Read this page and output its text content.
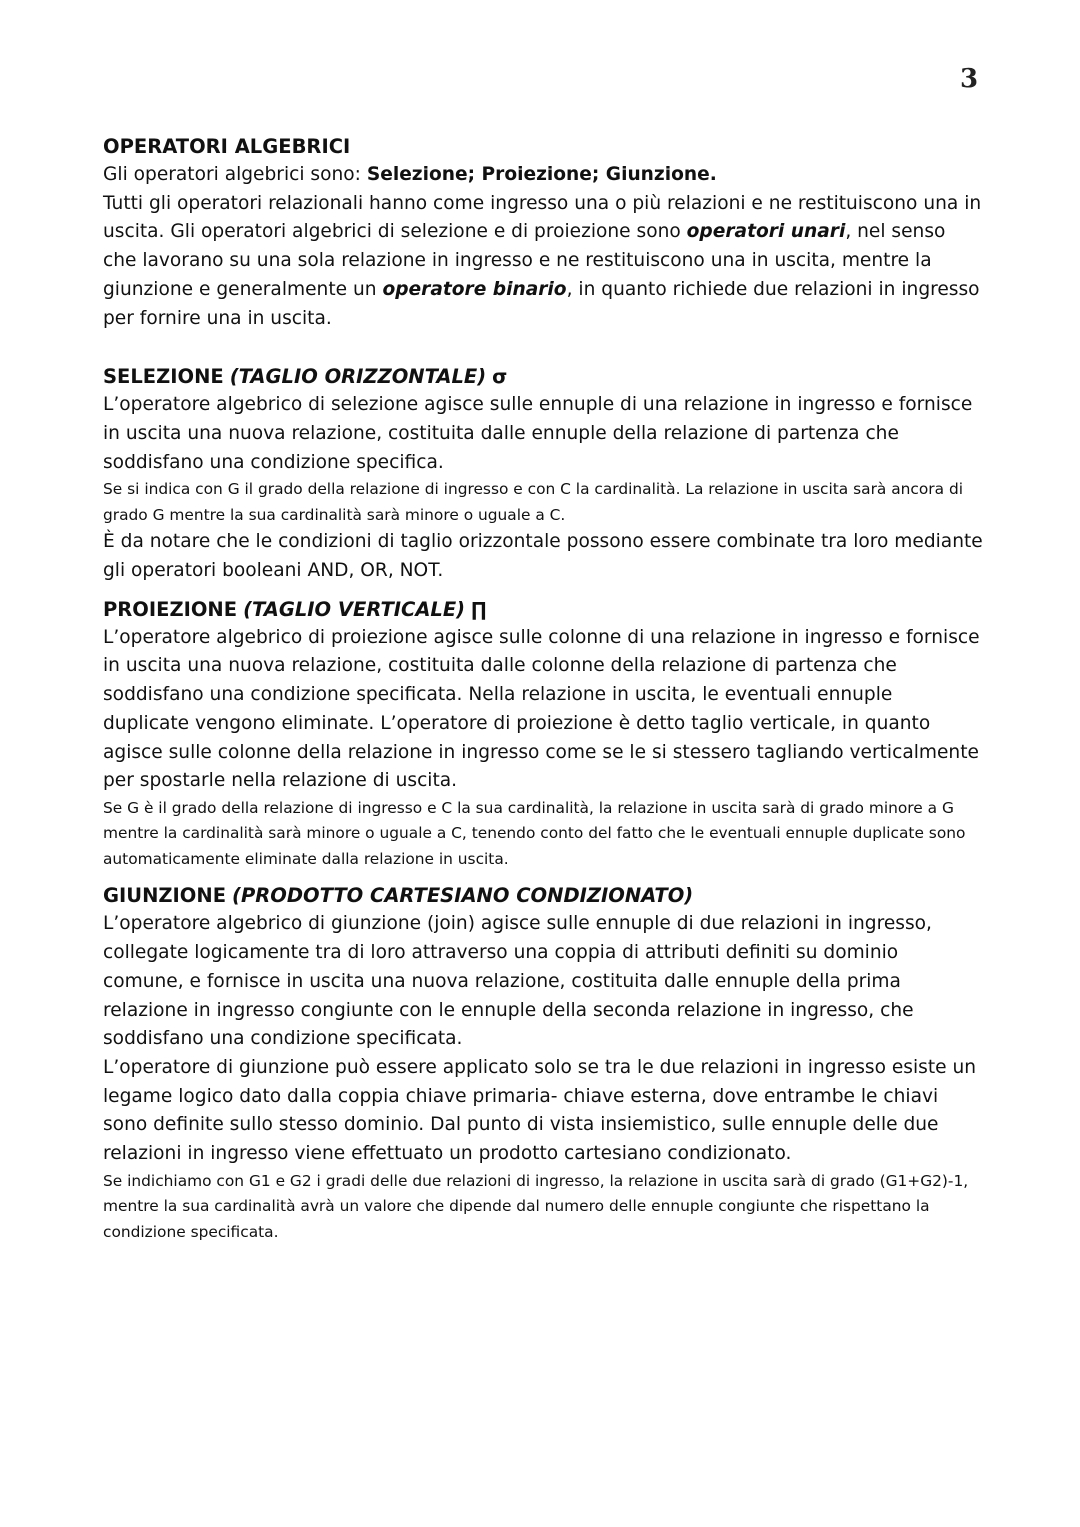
3
OPERATORI ALGEBRICI

Gli operatori algebrici sono: Selezione; Proiezione; Giunzione.

Tutti gli operatori relazionali hanno come ingresso una o più relazioni e ne restituiscono una in uscita. Gli operatori algebrici di selezione e di proiezione sono operatori unari, nel senso che lavorano su una sola relazione in ingresso e ne restituiscono una in uscita, mentre la giunzione e generalmente un operatore binario, in quanto richiede due relazioni in ingresso per fornire una in uscita.

SELEZIONE (TAGLIO ORIZZONTALE) σ

L’operatore algebrico di selezione agisce sulle ennuple di una relazione in ingresso e fornisce in uscita una nuova relazione, costituita dalle ennuple della relazione di partenza che soddisfano una condizione specifica.

Se si indica con G il grado della relazione di ingresso e con C la cardinalità. La relazione in uscita sarà ancora di grado G mentre la sua cardinalità sarà minore o uguale a C.

È da notare che le condizioni di taglio orizzontale possono essere combinate tra loro mediante gli operatori booleani AND, OR, NOT.

PROIEZIONE (TAGLIO VERTICALE) ∏

L’operatore algebrico di proiezione agisce sulle colonne di una relazione in ingresso e fornisce in uscita una nuova relazione, costituita dalle colonne della relazione di partenza che soddisfano una condizione specificata. Nella relazione in uscita, le eventuali ennuple duplicate vengono eliminate. L’operatore di proiezione è detto taglio verticale, in quanto agisce sulle colonne della relazione in ingresso come se le si stessero tagliando verticalmente per spostarle nella relazione di uscita.

Se G è il grado della relazione di ingresso e C la sua cardinalità, la relazione in uscita sarà di grado minore a G mentre la cardinalità sarà minore o uguale a C, tenendo conto del fatto che le eventuali ennuple duplicate sono automaticamente eliminate dalla relazione in uscita.

GIUNZIONE (PRODOTTO CARTESIANO CONDIZIONATO)

L’operatore algebrico di giunzione (join) agisce sulle ennuple di due relazioni in ingresso, collegate logicamente tra di loro attraverso una coppia di attributi definiti su dominio comune, e fornisce in uscita una nuova relazione, costituita dalle ennuple della prima relazione in ingresso congiunte con le ennuple della seconda relazione in ingresso, che soddisfano una condizione specificata.

L’operatore di giunzione può essere applicato solo se tra le due relazioni in ingresso esiste un legame logico dato dalla coppia chiave primaria- chiave esterna, dove entrambe le chiavi sono definite sullo stesso dominio. Dal punto di vista insiemistico, sulle ennuple delle due relazioni in ingresso viene effettuato un prodotto cartesiano condizionato.

Se indichiamo con G1 e G2 i gradi delle due relazioni di ingresso, la relazione in uscita sarà di grado (G1+G2)-1, mentre la sua cardinalità avrà un valore che dipende dal numero delle ennuple congiunte che rispettano la condizione specificata.
